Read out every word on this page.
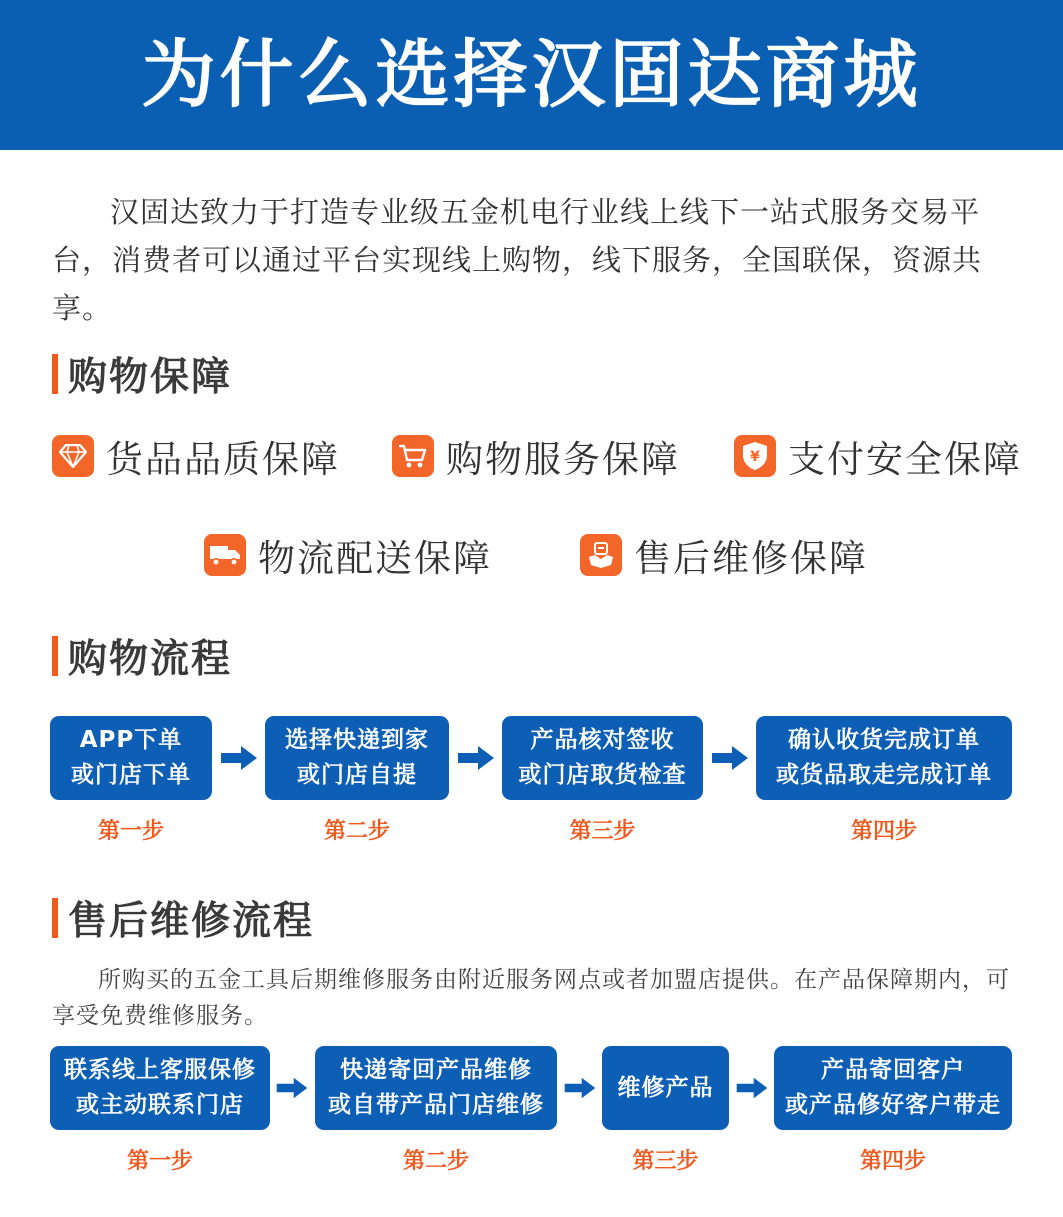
为什么选择汉固达商城

汉固达致力于打造专业级五金机电行业线上线下一站式服务交易平台，消费者可以通过平台实现线上购物，线下服务，全国联保，资源共享。

购物保障
货品品质保障	购物服务保障	¥ 支付安全保障
物流配送保障	售后维修保障
购物流程
APP下单
或门店下单
选择快递到家
或门店自提
产品核对签收
或门店取货检查
确认收货完成订单
或货品取走完成订单
第一步	第二步	第三步	第四步
售后维修流程

所购买的五金工具后期维修服务由附近服务网点或者加盟店提供。在产品保障期内，可享受免费维修服务。

联系线上客服保修
或主动联系门店
快递寄回产品维修
或自带产品门店维修
维修产品
产品寄回客户
或产品修好客户带走
第一步	第二步	第三步	第四步
